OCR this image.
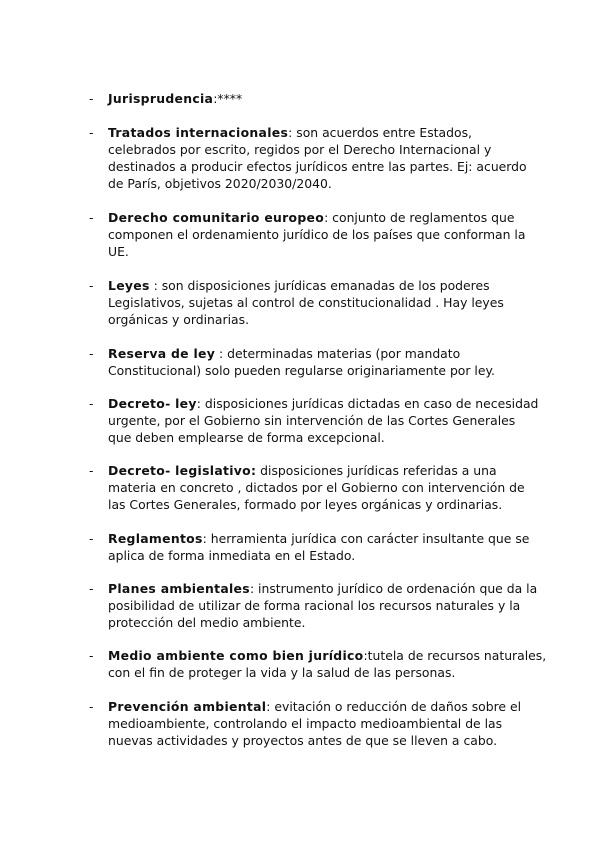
- Jurisprudencia:****
- Tratados internacionales: son acuerdos entre Estados,
celebrados por escrito, regidos por el Derecho Internacional y
destinados a producir efectos jurídicos entre las partes. Ej: acuerdo
de París, objetivos 2020/2030/2040.
- Derecho comunitario europeo: conjunto de reglamentos que
componen el ordenamiento jurídico de los países que conforman la
UE.
- Leyes : son disposiciones jurídicas emanadas de los poderes
Legislativos, sujetas al control de constitucionalidad . Hay leyes
orgánicas y ordinarias.
- Reserva de ley : determinadas materias (por mandato
Constitucional) solo pueden regularse originariamente por ley.
- Decreto- ley: disposiciones jurídicas dictadas en caso de necesidad
urgente, por el Gobierno sin intervención de las Cortes Generales
que deben emplearse de forma excepcional.
- Decreto- legislativo: disposiciones jurídicas referidas a una
materia en concreto , dictados por el Gobierno con intervención de
las Cortes Generales, formado por leyes orgánicas y ordinarias.
- Reglamentos: herramienta jurídica con carácter insultante que se
aplica de forma inmediata en el Estado.
- Planes ambientales: instrumento jurídico de ordenación que da la
posibilidad de utilizar de forma racional los recursos naturales y la
protección del medio ambiente.
- Medio ambiente como bien jurídico:tutela de recursos naturales,
con el fin de proteger la vida y la salud de las personas.
- Prevención ambiental: evitación o reducción de daños sobre el
medioambiente, controlando el impacto medioambiental de las
nuevas actividades y proyectos antes de que se lleven a cabo.
